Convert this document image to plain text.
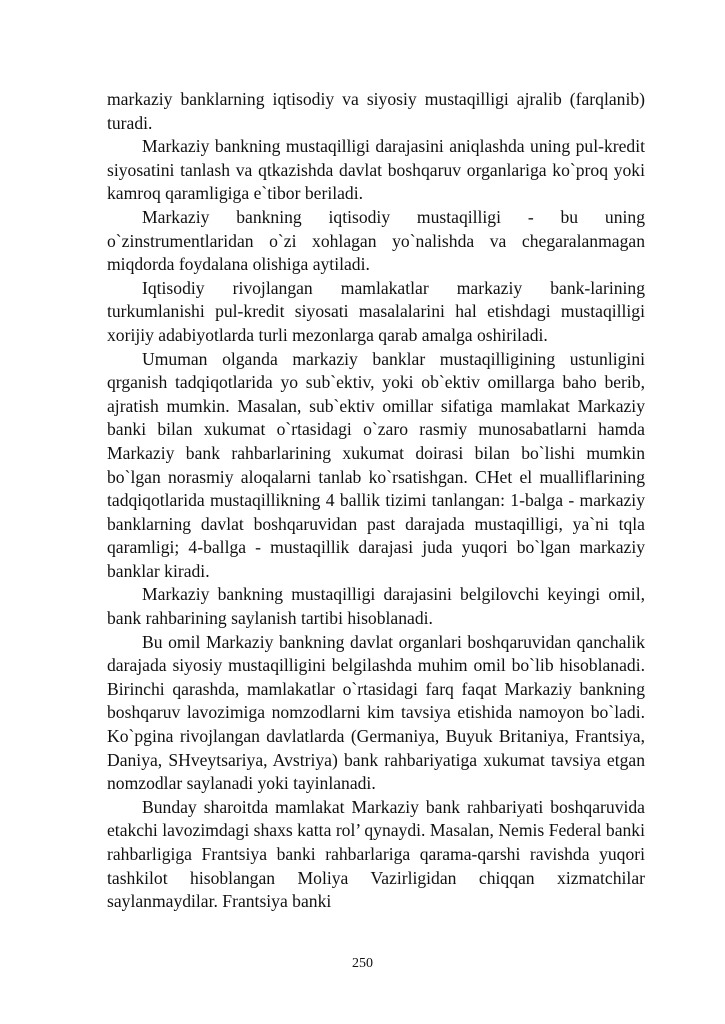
markaziy banklarning iqtisodiy va siyosiy mustaqilligi ajralib (farqlanib) turadi.

Markaziy bankning mustaqilligi darajasini aniqlashda uning pul-kredit siyosatini tanlash va qtkazishda davlat boshqaruv organlariga ko`proq yoki kamroq qaramligiga e`tibor beriladi.

Markaziy bankning iqtisodiy mustaqilligi - bu uning o`zinstrumentlaridan o`zi xohlagan yo`nalishda va chegaralanmagan miqdorda foydalana olishiga aytiladi.

Iqtisodiy rivojlangan mamlakatlar markaziy bank-larining turkumlanishi pul-kredit siyosati masalalarini hal etishdagi mustaqilligi xorijiy adabiyotlarda turli mezonlarga qarab amalga oshiriladi.

Umuman olganda markaziy banklar mustaqilligining ustunligini qrganish tadqiqotlarida yo sub`ektiv, yoki ob`ektiv omillarga baho berib, ajratish mumkin. Masalan, sub`ektiv omillar sifatiga mamlakat Markaziy banki bilan xukumat o`rtasidagi o`zaro rasmiy munosabatlarni hamda Markaziy bank rahbarlarining xukumat doirasi bilan bo`lishi mumkin bo`lgan norasmiy aloqalarni tanlab ko`rsatishgan. CHet el mualliflarining tadqiqotlarida mustaqillikning 4 ballik tizimi tanlangan: 1-balga - markaziy banklarning davlat boshqaruvidan past darajada mustaqilligi, ya`ni tqla qaramligi; 4-ballga - mustaqillik darajasi juda yuqori bo`lgan markaziy banklar kiradi.

Markaziy bankning mustaqilligi darajasini belgilovchi keyingi omil, bank rahbarining saylanish tartibi hisoblanadi.

Bu omil Markaziy bankning davlat organlari boshqaruvidan qanchalik darajada siyosiy mustaqilligini belgilashda muhim omil bo`lib hisoblanadi. Birinchi qarashda, mamlakatlar o`rtasidagi farq faqat Markaziy bankning boshqaruv lavozimiga nomzodlarni kim tavsiya etishida namoyon bo`ladi. Ko`pgina rivojlangan davlatlarda (Germaniya, Buyuk Britaniya, Frantsiya, Daniya, SHveytsariya, Avstriya) bank rahbariyatiga xukumat tavsiya etgan nomzodlar saylanadi yoki tayinlanadi.

Bunday sharoitda mamlakat Markaziy bank rahbariyati boshqaruvida etakchi lavozimdagi shaxs katta rol’ qynaydi. Masalan, Nemis Federal banki rahbarligiga Frantsiya banki rahbarlariga qarama-qarshi ravishda yuqori tashkilot hisoblangan Moliya Vazirligidan chiqqan xizmatchilar saylanmaydilar. Frantsiya banki

250
